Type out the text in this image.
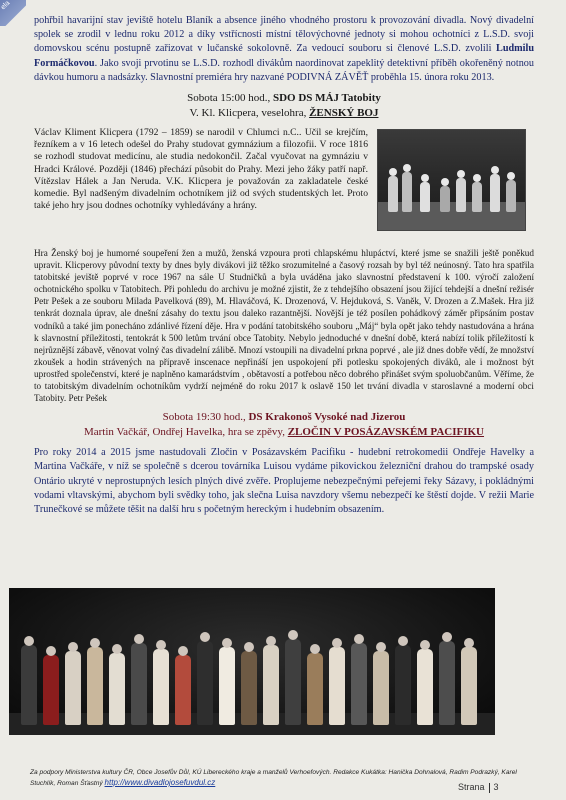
ela

pohřbil havarijní stav jeviště hotelu Blaník a absence jiného vhodného prostoru k provozování divadla. Nový divadelní spolek se zrodil v lednu roku 2012 a díky vstřícnosti místní tělovýchovné jednoty si mohou ochotníci z L.S.D. svoji domovskou scénu postupně zařizovat v lučanské sokolovně. Za vedoucí souboru si členové L.S.D. zvolili Ludmilu Formáčkovou. Jako svoji prvotinu se L.S.D. rozhodl divákům naordinovat zapeklitý detektivní příběh okořeněný notnou dávkou humoru a nadsázky. Slavnostní premiéra hry nazvané PODIVNÁ ZÁVĚŤ proběhla 15. února roku 2013.

Sobota 15:00 hod., SDO DS MÁJ Tatobity
V. Kl. Klicpera, veselohra, ŽENSKÝ BOJ

Václav Kliment Klicpera (1792 – 1859) se narodil v Chlumci n.C.. Učil se krejčím, řezníkem a v 16 letech odešel do Prahy studovat gymnázium a filozofii. V roce 1816 se rozhodl studovat medicínu, ale studia nedokončil. Začal vyučovat na gymnáziu v Hradci Králové. Později (1846) přechází působit do Prahy. Mezi jeho žáky patří např. Vítězslav Hálek a Jan Neruda. V.K. Klicpera je považován za zakladatele české komedie. Byl nadšeným divadelním ochotníkem již od svých studentských let. Proto také jeho hry jsou dodnes ochotníky vyhledávány a hrány.

Hra Ženský boj je humorné soupeření žen a mužů, ženská vzpoura proti chlapskému hlupáctví, které jsme se snažili ještě poněkud upravit. Klicperovy původní texty by dnes byly divákovi již těžko srozumitelné a časový rozsah by byl též neúnosný. Tato hra spatřila tatobitské jeviště poprvé v roce 1967 na sále U Studničků a byla uváděna jako slavnostní představení k 100. výročí založení ochotnického spolku v Tatobitech. Při pohledu do archivu je možné zjistit, že z tehdejšího obsazení jsou žijící tehdejší a dnešní režisér Petr Pešek a ze souboru Milada Pavelková (89), M. Hlaváčová, K. Drozenová, V. Hejduková, S. Vaněk, V. Drozen a Z.Mašek. Hra již tenkrát doznala úprav, ale dnešní zásahy do textu jsou daleko razantnější. Novější je též posílen pohádkový záměr připsáním postav vodníků a také jim ponecháno zdánlivé řízení děje. Hra v podání tatobitského souboru „Máj“ byla opět jako tehdy nastudována a hrána k slavnostní příležitosti, tentokrát k 500 letům trvání obce Tatobity. Nebylo jednoduché v dnešní době, která nabízí tolik příležitostí k nejrůznější zábavě, věnovat volný čas divadelní zálibě. Mnozí vstoupili na divadelní prkna poprvé , ale již dnes dobře vědí, že množství zkoušek a hodin strávených na přípravě inscenace nepřináší jen uspokojení při potlesku spokojených diváků, ale i možnost být uprostřed společenství, které je naplněno kamarádstvím , obětavostí a potřebou něco dobrého přinášet svým spoluobčanům. Věříme, že to tatobitským divadelním ochotníkům vydrží nejméně do roku 2017 k oslavě 150 let trvání divadla v staroslavné a moderní obci Tatobity. Petr Pešek

Sobota 19:30 hod., DS Krakonoš Vysoké nad Jizerou
Martin Vačkář, Ondřej Havelka, hra se zpěvy, ZLOČIN V POSÁZAVSKÉM PACIFIKU

Pro roky 2014 a 2015 jsme nastudovali Zločin v Posázavském Pacifiku - hudební retrokomedii Ondřeje Havelky a Martina Vačkáře, v níž se společně s dcerou továrníka Luisou vydáme pikovickou železniční drahou do trampské osady Ontário ukryté v neprostupných lesích plných divé zvěře. Proplujeme nebezpečnými peřejemi řeky Sázavy, i pokládnými vodami vltavskými, abychom byli svědky toho, jak slečna Luisa navzdory všemu nebezpečí ke štěstí dojde. V režii Marie Trunečkové se můžete těšit na další hru s početným hereckým i hudebním obsazením.

Za podpory Ministerstva kultury ČR, Obce Josefův Důl, KÚ Libereckého kraje a manželů Verhoefových. Redakce Kukátka: Hanička Dohnalová, Radim Podrazký, Karel Stuchlík, Roman Šťastný http://www.divadlojosefuvdul.cz	Strana 3
